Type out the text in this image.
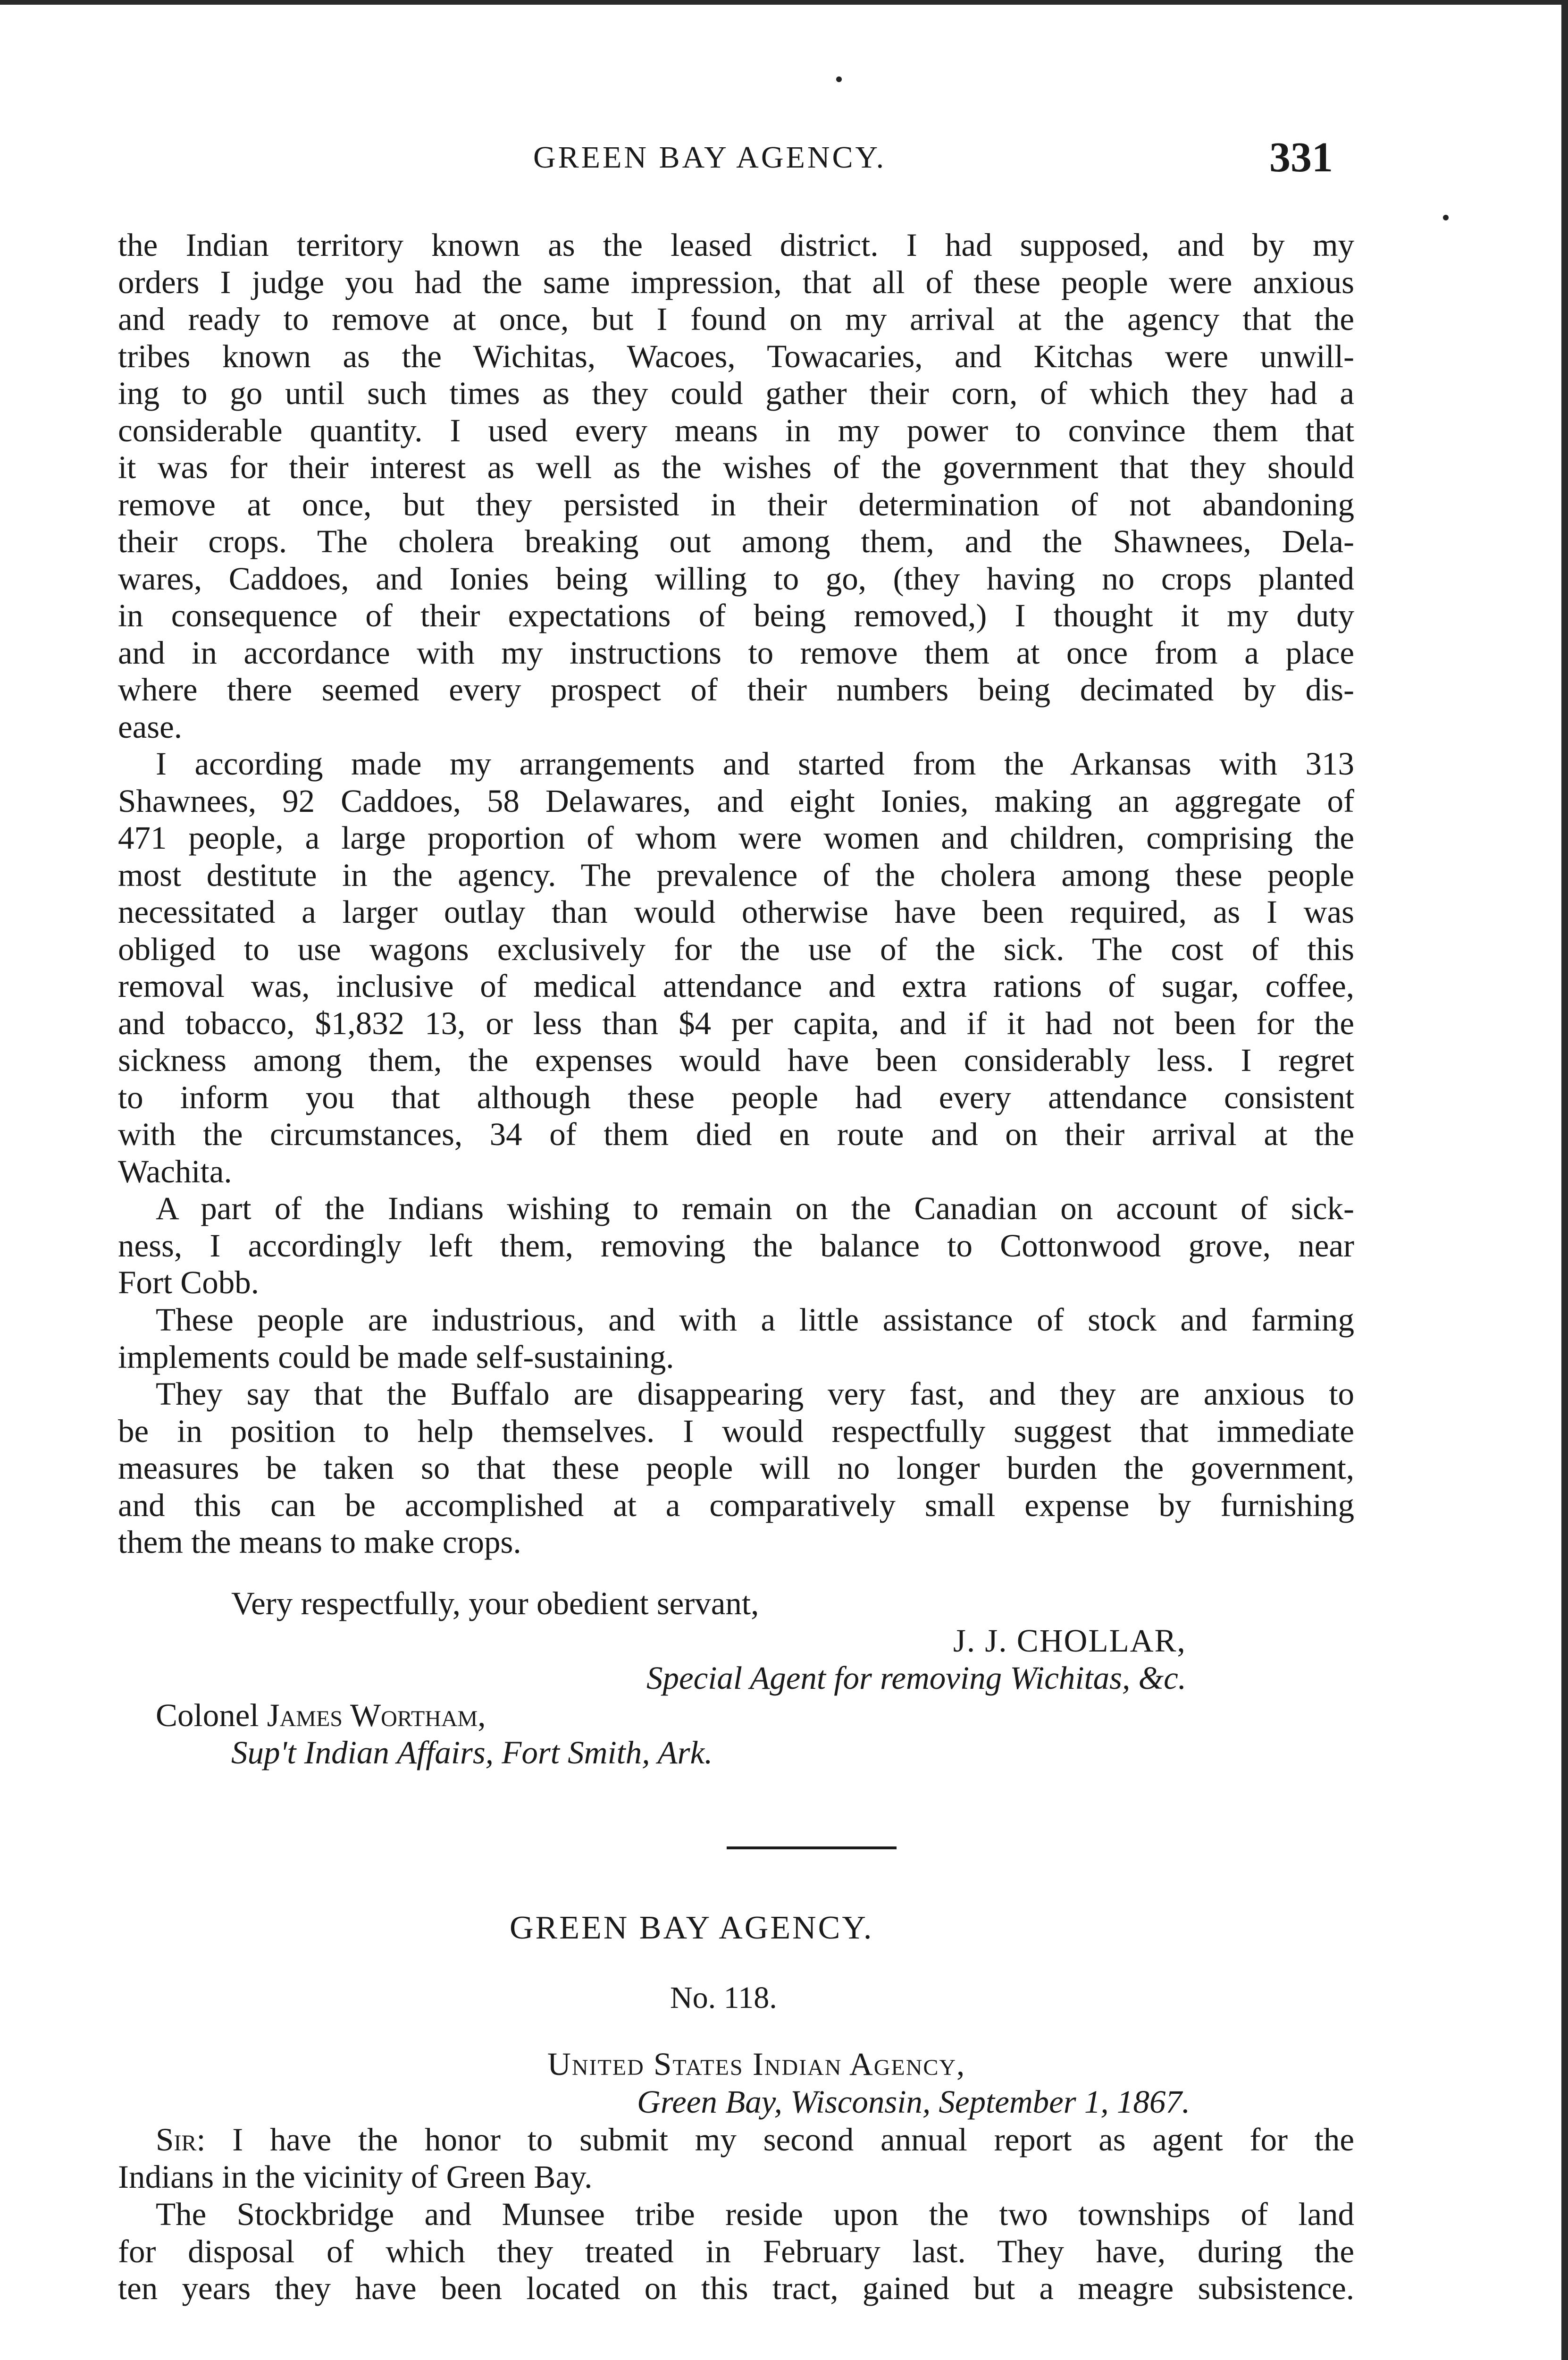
GREEN BAY AGENCY.	331
the Indian territory known as the leased district. I had supposed, and by my
orders I judge you had the same impression, that all of these people were anxious
and ready to remove at once, but I found on my arrival at the agency that the
tribes known as the Wichitas, Wacoes, Towacaries, and Kitchas were unwill-
ing to go until such times as they could gather their corn, of which they had a
considerable quantity. I used every means in my power to convince them that
it was for their interest as well as the wishes of the government that they should
remove at once, but they persisted in their determination of not abandoning
their crops. The cholera breaking out among them, and the Shawnees, Dela-
wares, Caddoes, and Ionies being willing to go, (they having no crops planted
in consequence of their expectations of being removed,) I thought it my duty
and in accordance with my instructions to remove them at once from a place
where there seemed every prospect of their numbers being decimated by dis-
ease.
I according made my arrangements and started from the Arkansas with 313
Shawnees, 92 Caddoes, 58 Delawares, and eight Ionies, making an aggregate of
471 people, a large proportion of whom were women and children, comprising the
most destitute in the agency. The prevalence of the cholera among these people
necessitated a larger outlay than would otherwise have been required, as I was
obliged to use wagons exclusively for the use of the sick. The cost of this
removal was, inclusive of medical attendance and extra rations of sugar, coffee,
and tobacco, $1,832 13, or less than $4 per capita, and if it had not been for the
sickness among them, the expenses would have been considerably less. I regret
to inform you that although these people had every attendance consistent
with the circumstances, 34 of them died en route and on their arrival at the
Wachita.
A part of the Indians wishing to remain on the Canadian on account of sick-
ness, I accordingly left them, removing the balance to Cottonwood grove, near
Fort Cobb.
These people are industrious, and with a little assistance of stock and farming
implements could be made self-sustaining.
They say that the Buffalo are disappearing very fast, and they are anxious to
be in position to help themselves. I would respectfully suggest that immediate
measures be taken so that these people will no longer burden the government,
and this can be accomplished at a comparatively small expense by furnishing
them the means to make crops.
Very respectfully, your obedient servant,
J. J. CHOLLAR,
Special Agent for removing Wichitas, &c.
Colonel James Wortham,
Sup't Indian Affairs, Fort Smith, Ark.
GREEN BAY AGENCY.
No. 118.
United States Indian Agency,
Green Bay, Wisconsin, September 1, 1867.
Sir: I have the honor to submit my second annual report as agent for the
Indians in the vicinity of Green Bay.
The Stockbridge and Munsee tribe reside upon the two townships of land
for disposal of which they treated in February last. They have, during the
ten years they have been located on this tract, gained but a meagre subsistence.
